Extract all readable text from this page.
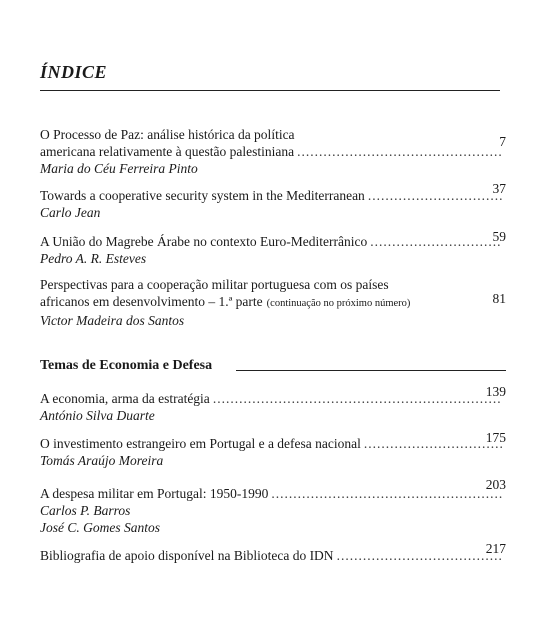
ÍNDICE
O Processo de Paz: análise histórica da política
americana relativamente à questão palestiniana
.....
Maria do Céu Ferreira Pinto
7
Towards a cooperative security system in the Mediterranean
.....
Carlo Jean
37
A União do Magrebe Árabe no contexto Euro-Mediterrânico
.....
Pedro A. R. Esteves
59
Perspectivas para a cooperação militar portuguesa com os países
africanos em desenvolvimento – 1.ª parte (continuação no próximo número)
Victor Madeira dos Santos
81
Temas de Economia e Defesa
A economia, arma da estratégia
.....
António Silva Duarte
139
O investimento estrangeiro em Portugal e a defesa nacional
.....
Tomás Araújo Moreira
175
A despesa militar em Portugal: 1950-1990
.....
Carlos P. Barros
José C. Gomes Santos
203
Bibliografia de apoio disponível na Biblioteca do IDN
.....	217
